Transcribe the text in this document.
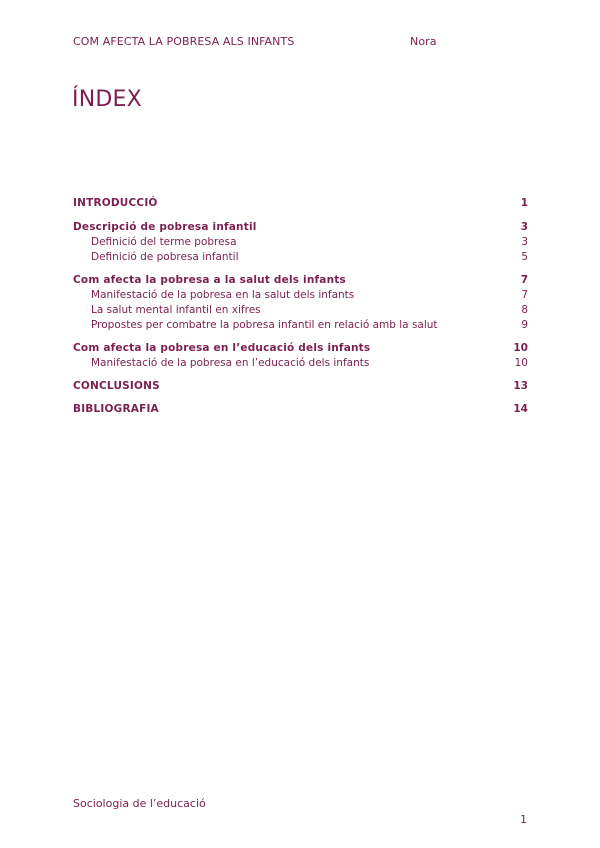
COM AFECTA LA POBRESA ALS INFANTS	Nora
ÍNDEX
INTRODUCCIÓ	1
Descripció de pobresa infantil	3
Definició del terme pobresa	3
Definició de pobresa infantil	5
Com afecta la pobresa a la salut dels infants	7
Manifestació de la pobresa en la salut dels infants	7
La salut mental infantil en xifres	8
Propostes per combatre la pobresa infantil en relació amb la salut	9
Com afecta la pobresa en l’educació dels infants	10
Manifestació de la pobresa en l’educació dels infants	10
CONCLUSIONS	13
BIBLIOGRAFIA	14
Sociologia de l’educació
1
